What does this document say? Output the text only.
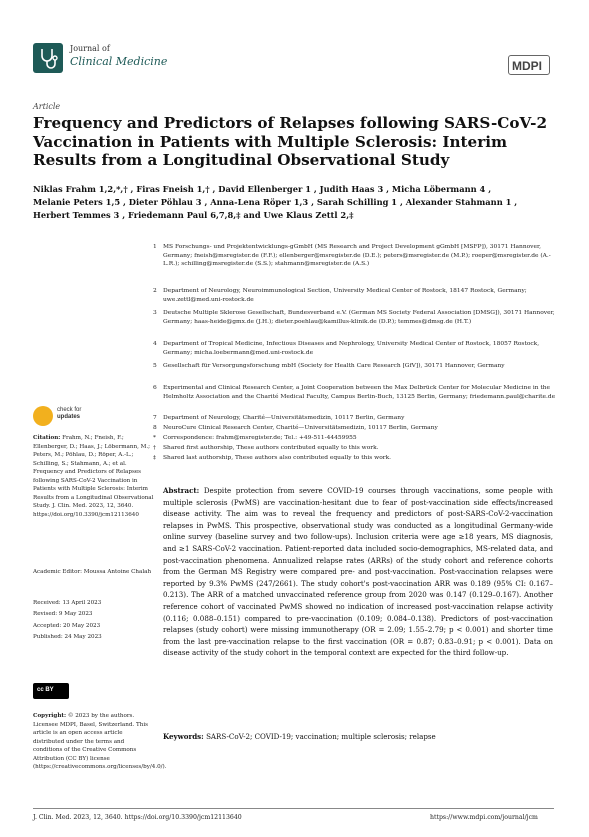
Journal of
Clinical Medicine	MDPI
Article
Frequency and Predictors of Relapses following SARS-CoV-2 Vaccination in Patients with Multiple Sclerosis: Interim Results from a Longitudinal Observational Study
Niklas Frahm 1,2,*,† , Firas Fneish 1,† , David Ellenberger 1 , Judith Haas 3 , Micha Löbermann 4 ,
Melanie Peters 1,5 , Dieter Pöhlau 3 , Anna-Lena Röper 1,3 , Sarah Schilling 1 , Alexander Stahmann 1 ,
Herbert Temmes 3 , Friedemann Paul 6,7,8,‡ and Uwe Klaus Zettl 2,‡
1 MS Forschungs- und Projektentwicklungs-gGmbH (MS Research and Project Development gGmbH [MSFP]), 30171 Hannover, Germany; fneish@msregister.de (F.F.); ellenberger@msregister.de (D.E.); peters@msregister.de (M.P.); roeper@msregister.de (A.-L.R.); schilling@msregister.de (S.S.); stahmann@msregister.de (A.S.)
2 Department of Neurology, Neuroimmunological Section, University Medical Center of Rostock, 18147 Rostock, Germany; uwe.zettl@med.uni-rostock.de
3 Deutsche Multiple Sklerose Gesellschaft, Bundesverband e.V. (German MS Society Federal Association [DMSG]), 30171 Hannover, Germany; haas-heide@gmx.de (J.H.); dieter.poehlau@kamillus-klinik.de (D.P.); temmes@dmsg.de (H.T.)
4 Department of Tropical Medicine, Infectious Diseases and Nephrology, University Medical Center of Rostock, 18057 Rostock, Germany; micha.loebermann@med.uni-rostock.de
5 Gesellschaft für Versorgungsforschung mbH (Society for Health Care Research [GfV]), 30171 Hannover, Germany
6 Experimental and Clinical Research Center, a Joint Cooperation between the Max Delbrück Center for Molecular Medicine in the Helmholtz Association and the Charité Medical Faculty, Campus Berlin-Buch, 13125 Berlin, Germany; friedemann.paul@charite.de
7 Department of Neurology, Charité—Universitätsmedizin, 10117 Berlin, Germany
8 NeuroCure Clinical Research Center, Charité—Universitätsmedizin, 10117 Berlin, Germany
* Correspondence: frahm@msregister.de; Tel.: +49-511-44459955
† Shared first authorship, These authors contributed equally to this work.
‡ Shared last authorship, These authors also contributed equally to this work.
check for
updates
Citation: Frahm, N.; Fneish, F.; Ellenberger, D.; Haas, J.; Löbermann, M.; Peters, M.; Pöhlau, D.; Röper, A.-L.; Schilling, S.; Stahmann, A.; et al. Frequency and Predictors of Relapses following SARS-CoV-2 Vaccination in Patients with Multiple Sclerosis: Interim Results from a Longitudinal Observational Study. J. Clin. Med. 2023, 12, 3640. https://doi.org/10.3390/jcm12113640
Academic Editor: Moussa Antoine Chalah
Received: 13 April 2023
Revised: 9 May 2023
Accepted: 20 May 2023
Published: 24 May 2023
cc BY
Copyright: © 2023 by the authors. Licensee MDPI, Basel, Switzerland. This article is an open access article distributed under the terms and conditions of the Creative Commons Attribution (CC BY) license (https://creativecommons.org/licenses/by/4.0/).
Abstract: Despite protection from severe COVID-19 courses through vaccinations, some people with multiple sclerosis (PwMS) are vaccination-hesitant due to fear of post-vaccination side effects/increased disease activity. The aim was to reveal the frequency and predictors of post-SARS-CoV-2-vaccination relapses in PwMS. This prospective, observational study was conducted as a longitudinal Germany-wide online survey (baseline survey and two follow-ups). Inclusion criteria were age ≥18 years, MS diagnosis, and ≥1 SARS-CoV-2 vaccination. Patient-reported data included socio-demographics, MS-related data, and post-vaccination phenomena. Annualized relapse rates (ARRs) of the study cohort and reference cohorts from the German MS Registry were compared pre- and post-vaccination. Post-vaccination relapses were reported by 9.3% PwMS (247/2661). The study cohort's post-vaccination ARR was 0.189 (95% CI: 0.167–0.213). The ARR of a matched unvaccinated reference group from 2020 was 0.147 (0.129–0.167). Another reference cohort of vaccinated PwMS showed no indication of increased post-vaccination relapse activity (0.116; 0.088–0.151) compared to pre-vaccination (0.109; 0.084–0.138). Predictors of post-vaccination relapses (study cohort) were missing immunotherapy (OR = 2.09; 1.55–2.79; p < 0.001) and shorter time from the last pre-vaccination relapse to the first vaccination (OR = 0.87; 0.83–0.91; p < 0.001). Data on disease activity of the study cohort in the temporal context are expected for the third follow-up.
Keywords: SARS-CoV-2; COVID-19; vaccination; multiple sclerosis; relapse
J. Clin. Med. 2023, 12, 3640. https://doi.org/10.3390/jcm12113640	https://www.mdpi.com/journal/jcm
